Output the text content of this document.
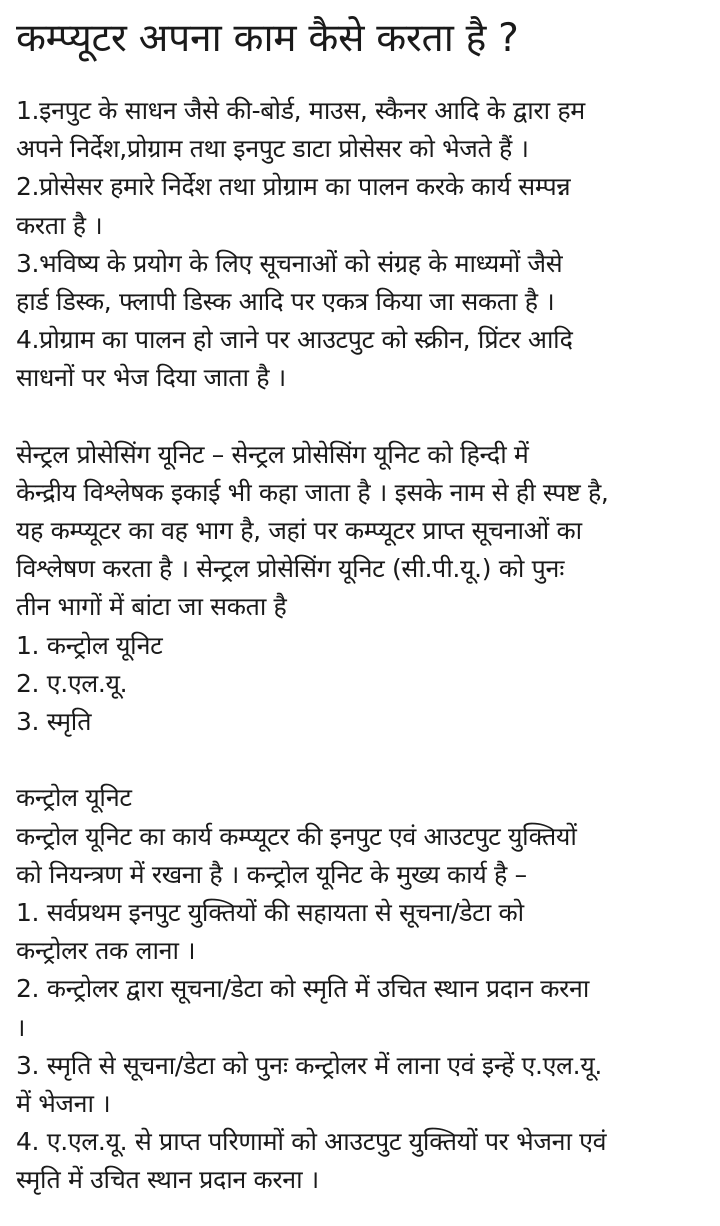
कम्प्यूटर अपना काम कैसे करता है ?
1.इनपुट के साधन जैसे की-बोर्ड, माउस, स्कैनर आदि के द्वारा हम
अपने निर्देश,प्रोग्राम तथा इनपुट डाटा प्रोसेसर को भेजते हैं ।
2.प्रोसेसर हमारे निर्देश तथा प्रोग्राम का पालन करके कार्य सम्पन्न
करता है ।
3.भविष्य के प्रयोग के लिए सूचनाओं को संग्रह के माध्यमों जैसे
हार्ड डिस्क, फ्लापी डिस्क आदि पर एकत्र किया जा सकता है ।
4.प्रोग्राम का पालन हो जाने पर आउटपुट को स्क्रीन, प्रिंटर आदि
साधनों पर भेज दिया जाता है ।
सेन्ट्रल प्रोसेसिंग यूनिट – सेन्ट्रल प्रोसेसिंग यूनिट को हिन्दी में
केन्द्रीय विश्लेषक इकाई भी कहा जाता है । इसके नाम से ही स्पष्ट है,
यह कम्प्यूटर का वह भाग है, जहां पर कम्प्यूटर प्राप्त सूचनाओं का
विश्लेषण करता है । सेन्ट्रल प्रोसेसिंग यूनिट (सी.पी.यू.) को पुनः
तीन भागों में बांटा जा सकता है
1. कन्ट्रोल यूनिट
2. ए.एल.यू.
3. स्मृति
कन्ट्रोल यूनिट
कन्ट्रोल यूनिट का कार्य कम्प्यूटर की इनपुट एवं आउटपुट युक्तियों
को नियन्त्रण में रखना है । कन्ट्रोल यूनिट के मुख्य कार्य है –
1. सर्वप्रथम इनपुट युक्तियों की सहायता से सूचना/डेटा को
कन्ट्रोलर तक लाना ।
2. कन्ट्रोलर द्वारा सूचना/डेटा को स्मृति में उचित स्थान प्रदान करना
।
3. स्मृति से सूचना/डेटा को पुनः कन्ट्रोलर में लाना एवं इन्हें ए.एल.यू.
में भेजना ।
4. ए.एल.यू. से प्राप्त परिणामों को आउटपुट युक्तियों पर भेजना एवं
स्मृति में उचित स्थान प्रदान करना ।
